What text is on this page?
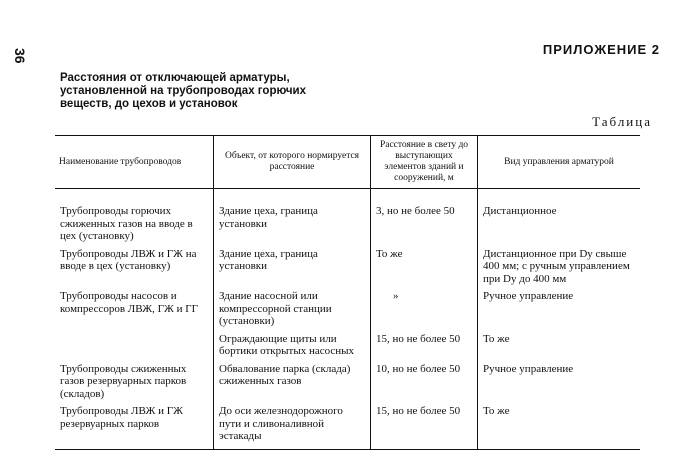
36	ПРИЛОЖЕНИЕ 2
Расстояния от отключающей арматуры, установленной на трубопроводах горючих веществ, до цехов и установок
Таблица
Наименование трубопроводов	Объект, от которого нормируется расстояние	Расстояние в свету до выступающих элементов зданий и сооружений, м	Вид управления арматурой
Трубопроводы горючих сжиженных газов на вводе в цех (установку)	Здание цеха, граница установки	3, но не более 50	Дистанционное
Трубопроводы ЛВЖ и ГЖ на вводе в цех (установку)	Здание цеха, граница установки	То же	Дистанционное при Dу свыше 400 мм; с ручным управлением при Dу до 400 мм
Трубопроводы насосов и компрессоров ЛВЖ, ГЖ и ГГ	Здание насосной или компрессорной станции (установки)	»	Ручное управление
	Ограждающие щиты или бортики открытых насосных	15, но не более 50	То же
Трубопроводы сжиженных газов резервуарных парков (складов)	Обвалование парка (склада) сжиженных газов	10, но не более 50	Ручное управление
Трубопроводы ЛВЖ и ГЖ резервуарных парков	До оси железнодорожного пути и сливоналивной эстакады	15, но не более 50	То же
